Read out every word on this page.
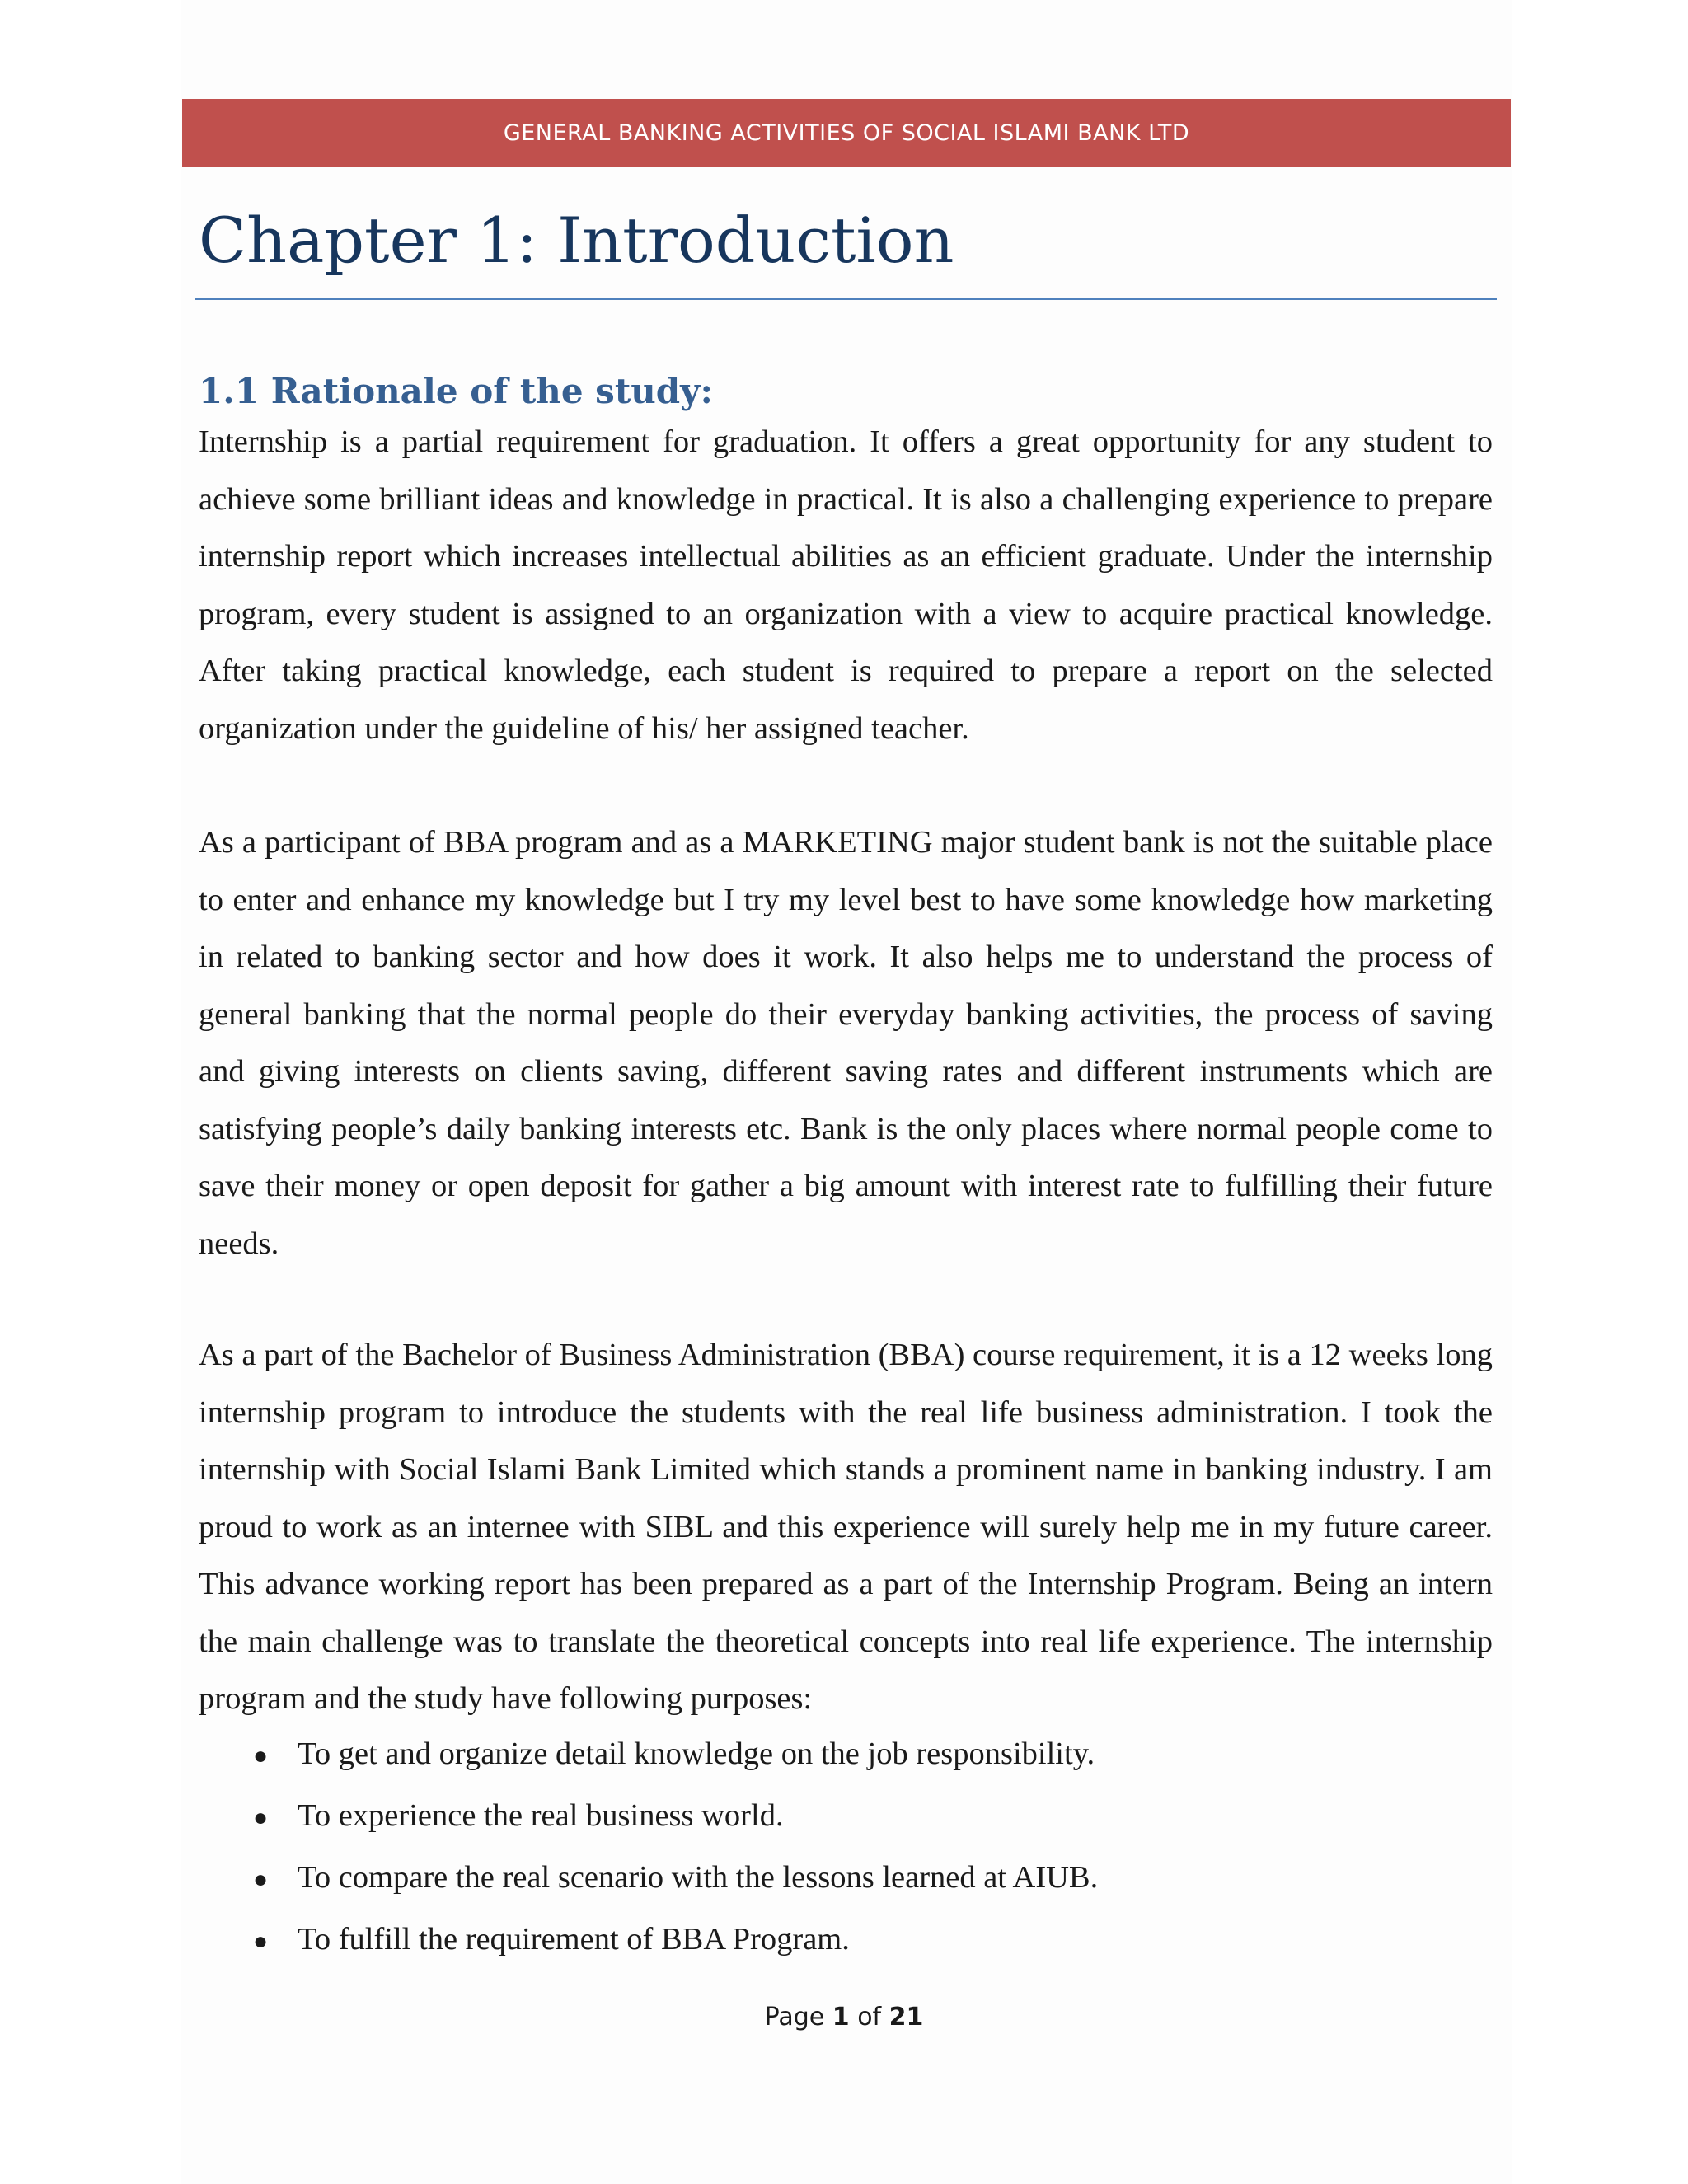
GENERAL BANKING ACTIVITIES OF SOCIAL ISLAMI BANK LTD
Chapter 1: Introduction
1.1 Rationale of the study:

Internship is a partial requirement for graduation. It offers a great opportunity for any student to achieve some brilliant ideas and knowledge in practical. It is also a challenging experience to prepare internship report which increases intellectual abilities as an efficient graduate. Under the internship program, every student is assigned to an organization with a view to acquire practical knowledge. After taking practical knowledge, each student is required to prepare a report on the selected organization under the guideline of his/ her assigned teacher.

As a participant of BBA program and as a MARKETING major student bank is not the suitable place to enter and enhance my knowledge but I try my level best to have some knowledge how marketing in related to banking sector and how does it work. It also helps me to understand the process of general banking that the normal people do their everyday banking activities, the process of saving and giving interests on clients saving, different saving rates and different instruments which are satisfying people’s daily banking interests etc. Bank is the only places where normal people come to save their money or open deposit for gather a big amount with interest rate to fulfilling their future needs.

As a part of the Bachelor of Business Administration (BBA) course requirement, it is a 12 weeks long internship program to introduce the students with the real life business administration. I took the internship with Social Islami Bank Limited which stands a prominent name in banking industry. I am proud to work as an internee with SIBL and this experience will surely help me in my future career. This advance working report has been prepared as a part of the Internship Program. Being an intern the main challenge was to translate the theoretical concepts into real life experience. The internship program and the study have following purposes:

● To get and organize detail knowledge on the job responsibility.
● To experience the real business world.
● To compare the real scenario with the lessons learned at AIUB.
● To fulfill the requirement of BBA Program.
Page 1 of 21
